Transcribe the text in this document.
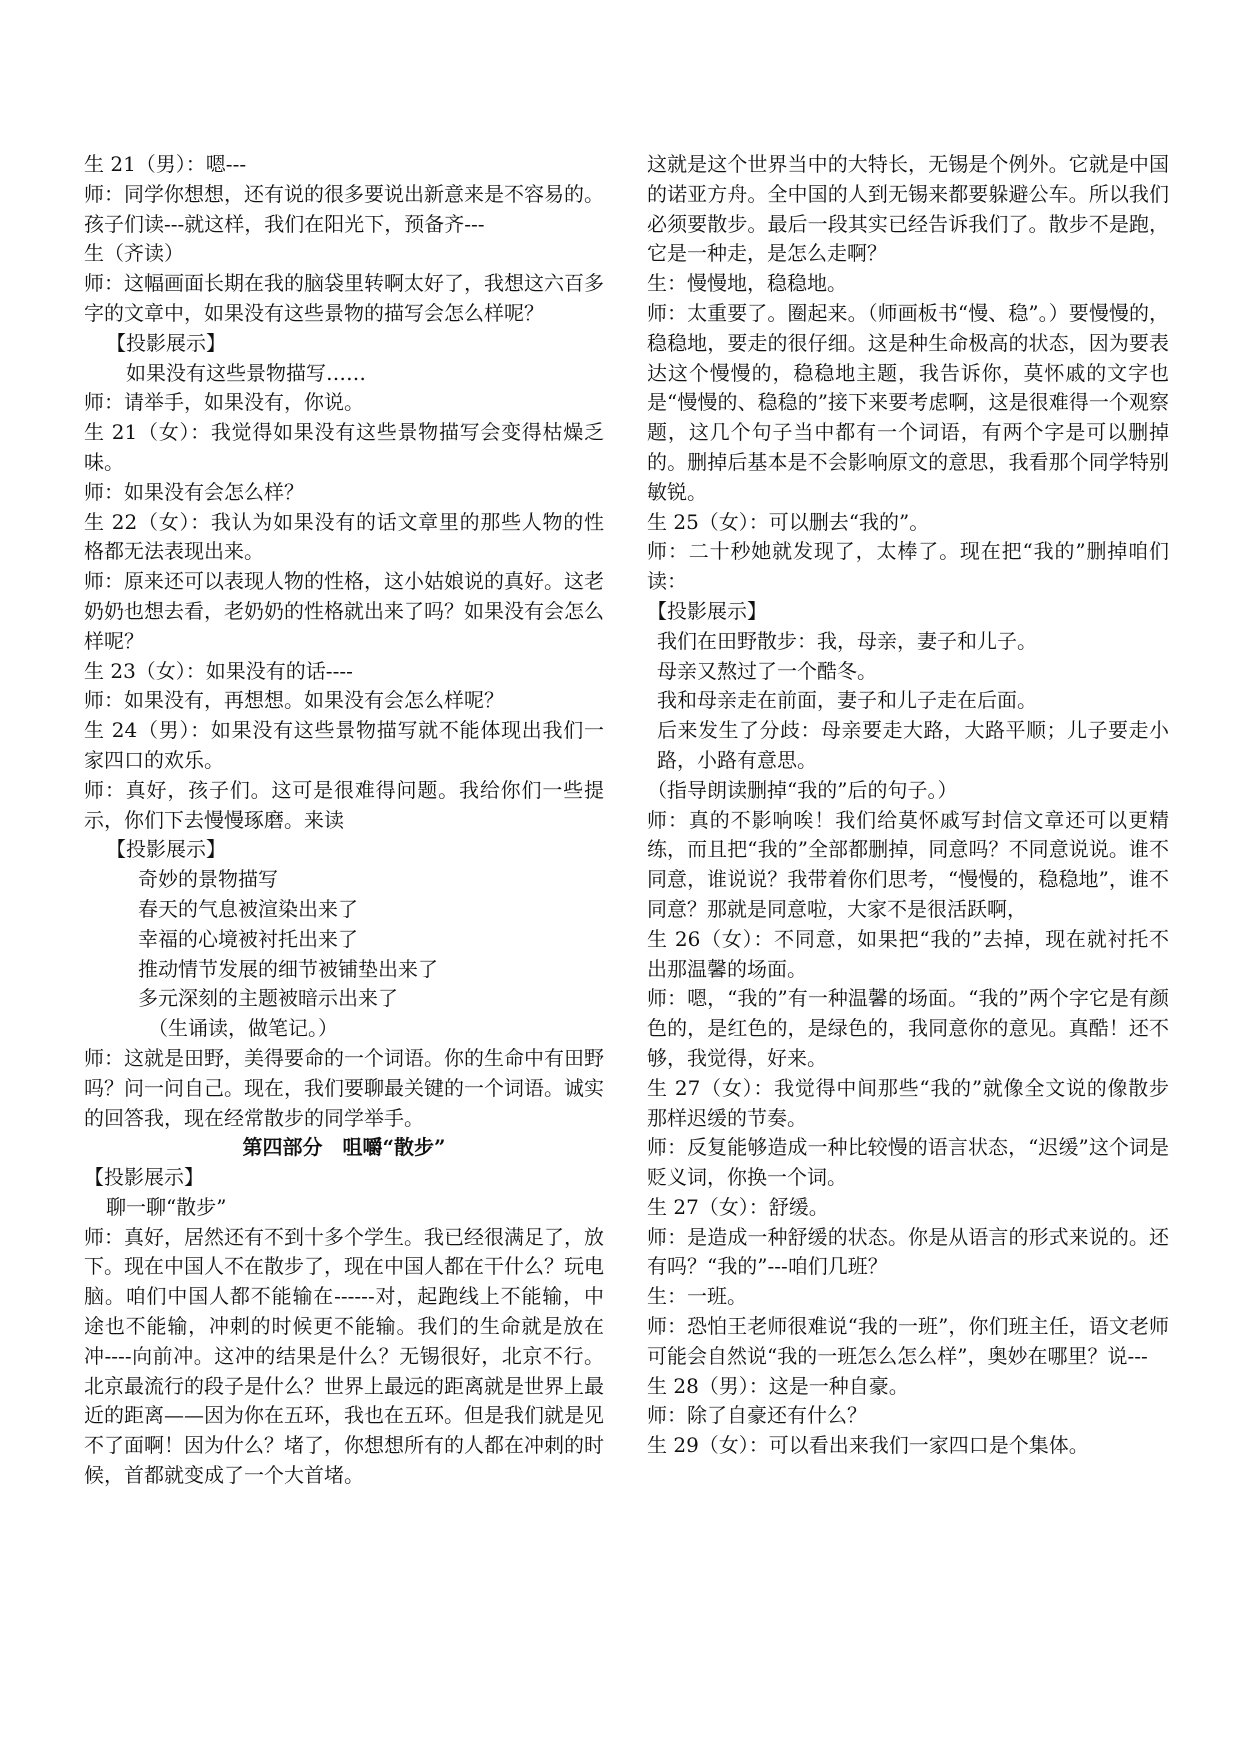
生 21（男）：嗯---

师：同学你想想，还有说的很多要说出新意来是不容易的。孩子们读---就这样，我们在阳光下，预备齐---

生（齐读）

师：这幅画面长期在我的脑袋里转啊太好了，我想这六百多字的文章中，如果没有这些景物的描写会怎么样呢？

【投影展示】

如果没有这些景物描写……

师：请举手，如果没有，你说。

生 21（女）：我觉得如果没有这些景物描写会变得枯燥乏味。

师：如果没有会怎么样？

生 22（女）：我认为如果没有的话文章里的那些人物的性格都无法表现出来。

师：原来还可以表现人物的性格，这小姑娘说的真好。这老奶奶也想去看，老奶奶的性格就出来了吗？如果没有会怎么样呢？

生 23（女）：如果没有的话----

师：如果没有，再想想。如果没有会怎么样呢？

生 24（男）：如果没有这些景物描写就不能体现出我们一家四口的欢乐。

师：真好，孩子们。这可是很难得问题。我给你们一些提示，你们下去慢慢琢磨。来读

【投影展示】

奇妙的景物描写

春天的气息被渲染出来了

幸福的心境被衬托出来了

推动情节发展的细节被铺垫出来了

多元深刻的主题被暗示出来了

（生诵读，做笔记。）

师：这就是田野，美得要命的一个词语。你的生命中有田野吗？问一问自己。现在，我们要聊最关键的一个词语。诚实的回答我，现在经常散步的同学举手。

第四部分　咀嚼“散步”

【投影展示】

聊一聊“散步”

师：真好，居然还有不到十多个学生。我已经很满足了，放下。现在中国人不在散步了，现在中国人都在干什么？玩电脑。咱们中国人都不能输在------对，起跑线上不能输，中途也不能输，冲刺的时候更不能输。我们的生命就是放在冲----向前冲。这冲的结果是什么？无锡很好，北京不行。北京最流行的段子是什么？世界上最远的距离就是世界上最近的距离——因为你在五环，我也在五环。但是我们就是见不了面啊！因为什么？堵了，你想想所有的人都在冲刺的时候，首都就变成了一个大首堵。

这就是这个世界当中的大特长，无锡是个例外。它就是中国的诺亚方舟。全中国的人到无锡来都要躲避公车。所以我们必须要散步。最后一段其实已经告诉我们了。散步不是跑，它是一种走，是怎么走啊？

生：慢慢地，稳稳地。

师：太重要了。圈起来。（师画板书“慢、稳”。）要慢慢的，稳稳地，要走的很仔细。这是种生命极高的状态，因为要表达这个慢慢的，稳稳地主题，我告诉你，莫怀戚的文字也是“慢慢的、稳稳的”接下来要考虑啊，这是很难得一个观察题，这几个句子当中都有一个词语，有两个字是可以删掉的。删掉后基本是不会影响原文的意思，我看那个同学特别敏锐。

生 25（女）：可以删去“我的”。

师：二十秒她就发现了，太棒了。现在把“我的”删掉咱们读：

【投影展示】

我们在田野散步：我，母亲，妻子和儿子。

母亲又熬过了一个酷冬。

我和母亲走在前面，妻子和儿子走在后面。

后来发生了分歧：母亲要走大路，大路平顺；儿子要走小路，小路有意思。

（指导朗读删掉“我的”后的句子。）

师：真的不影响唉！我们给莫怀戚写封信文章还可以更精练，而且把“我的”全部都删掉，同意吗？不同意说说。谁不同意，谁说说？我带着你们思考，“慢慢的，稳稳地”，谁不同意？那就是同意啦，大家不是很活跃啊，

生 26（女）：不同意，如果把“我的”去掉，现在就衬托不出那温馨的场面。

师：嗯，“我的”有一种温馨的场面。“我的”两个字它是有颜色的，是红色的，是绿色的，我同意你的意见。真酷！还不够，我觉得，好来。

生 27（女）：我觉得中间那些“我的”就像全文说的像散步那样迟缓的节奏。

师：反复能够造成一种比较慢的语言状态，“迟缓”这个词是贬义词，你换一个词。

生 27（女）：舒缓。

师：是造成一种舒缓的状态。你是从语言的形式来说的。还有吗？“我的”---咱们几班？

生：一班。

师：恐怕王老师很难说“我的一班”，你们班主任，语文老师可能会自然说“我的一班怎么怎么样”，奥妙在哪里？说---

生 28（男）：这是一种自豪。

师：除了自豪还有什么？

生 29（女）：可以看出来我们一家四口是个集体。
